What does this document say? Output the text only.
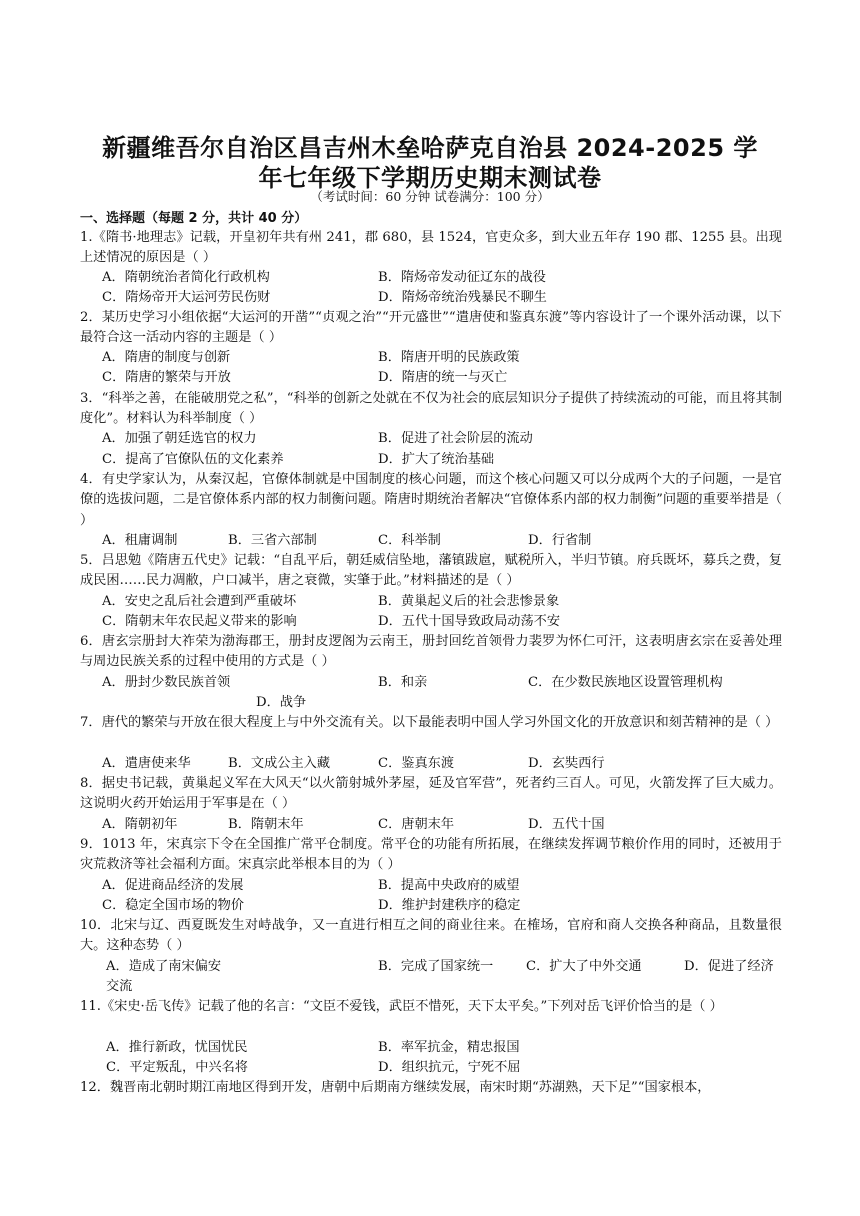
新疆维吾尔自治区昌吉州木垒哈萨克自治县 2024-2025 学
年七年级下学期历史期末测试卷
（考试时间：60 分钟 试卷满分：100 分）
一、选择题（每题 2 分，共计 40 分）
1.《隋书·地理志》记载，开皇初年共有州 241，郡 680，县 1524，官吏众多，到大业五年存 190 郡、1255 县。出现上述情况的原因是（ ）
A．隋朝统治者简化行政机构	B．隋炀帝发动征辽东的战役
C．隋炀帝开大运河劳民伤财	D．隋炀帝统治残暴民不聊生
2．某历史学习小组依据“大运河的开凿”“贞观之治”“开元盛世”“遣唐使和鉴真东渡”等内容设计了一个课外活动课，以下最符合这一活动内容的主题是（ ）
A．隋唐的制度与创新	B．隋唐开明的民族政策
C．隋唐的繁荣与开放	D．隋唐的统一与灭亡
3．“科举之善，在能破朋党之私”，“科举的创新之处就在不仅为社会的底层知识分子提供了持续流动的可能，而且将其制度化”。材料认为科举制度（ ）
A．加强了朝廷选官的权力	B．促进了社会阶层的流动
C．提高了官僚队伍的文化素养	D．扩大了统治基础
4．有史学家认为，从秦汉起，官僚体制就是中国制度的核心问题，而这个核心问题又可以分成两个大的子问题，一是官僚的选拔问题，二是官僚体系内部的权力制衡问题。隋唐时期统治者解决“官僚体系内部的权力制衡”问题的重要举措是（ ）
A．租庸调制	B．三省六部制	C．科举制	D．行省制
5．吕思勉《隋唐五代史》记载：“自乱平后，朝廷威信坠地，藩镇跋扈，赋税所入，半归节镇。府兵既坏，募兵之费，复成民困……民力凋敝，户口减半，唐之衰微，实肇于此。”材料描述的是（ ）
A．安史之乱后社会遭到严重破坏	B．黄巢起义后的社会悲惨景象
C．隋朝末年农民起义带来的影响	D．五代十国导致政局动荡不安
6．唐玄宗册封大祚荣为渤海郡王，册封皮逻阁为云南王，册封回纥首领骨力裴罗为怀仁可汗，这表明唐玄宗在妥善处理与周边民族关系的过程中使用的方式是（ ）
A．册封少数民族首领	B．和亲	C．在少数民族地区设置管理机构
D．战争
7．唐代的繁荣与开放在很大程度上与中外交流有关。以下最能表明中国人学习外国文化的开放意识和刻苦精神的是（ ）
A．遣唐使来华	B．文成公主入藏	C．鉴真东渡	D．玄奘西行
8．据史书记载，黄巢起义军在大风天“以火箭射城外茅屋，延及官军营”，死者约三百人。可见，火箭发挥了巨大威力。这说明火药开始运用于军事是在（ ）
A．隋朝初年	B．隋朝末年	C．唐朝末年	D．五代十国
9．1013 年，宋真宗下令在全国推广常平仓制度。常平仓的功能有所拓展，在继续发挥调节粮价作用的同时，还被用于灾荒救济等社会福利方面。宋真宗此举根本目的为（ ）
A．促进商品经济的发展	B．提高中央政府的威望
C．稳定全国市场的物价	D．维护封建秩序的稳定
10．北宋与辽、西夏既发生对峙战争，又一直进行相互之间的商业往来。在榷场，官府和商人交换各种商品，且数量很大。这种态势（ ）
A．造成了南宋偏安	B．完成了国家统一 C．扩大了中外交通	D．促进了经济
交流
11.《宋史·岳飞传》记载了他的名言：“文臣不爱钱，武臣不惜死，天下太平矣。”下列对岳飞评价恰当的是（ ）
A．推行新政，忧国忧民	B．率军抗金，精忠报国
C．平定叛乱，中兴名将	D．组织抗元，宁死不屈
12．魏晋南北朝时期江南地区得到开发，唐朝中后期南方继续发展，南宋时期“苏湖熟，天下足”“国家根本，
